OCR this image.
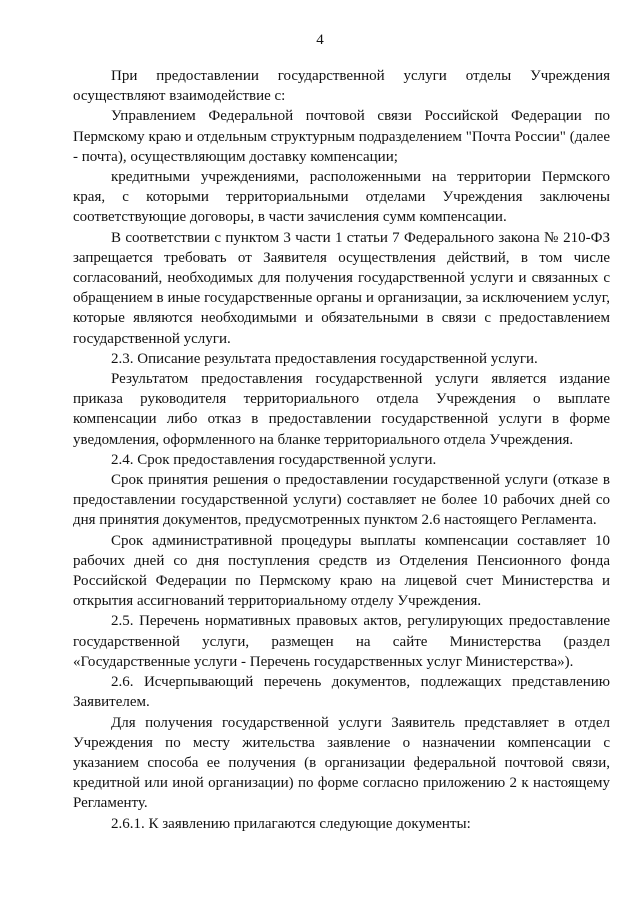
4

При предоставлении государственной услуги отделы Учреждения осуществляют взаимодействие с:

Управлением Федеральной почтовой связи Российской Федерации по Пермскому краю и отдельным структурным подразделением "Почта России" (далее - почта), осуществляющим доставку компенсации;

кредитными учреждениями, расположенными на территории Пермского края, с которыми территориальными отделами Учреждения заключены соответствующие договоры, в части зачисления сумм компенсации.

В соответствии с пунктом 3 части 1 статьи 7 Федерального закона № 210-ФЗ запрещается требовать от Заявителя осуществления действий, в том числе согласований, необходимых для получения государственной услуги и связанных с обращением в иные государственные органы и организации, за исключением услуг, которые являются необходимыми и обязательными в связи с предоставлением государственной услуги.

2.3. Описание результата предоставления государственной услуги.

Результатом предоставления государственной услуги является издание приказа руководителя территориального отдела Учреждения о выплате компенсации либо отказ в предоставлении государственной услуги в форме уведомления, оформленного на бланке территориального отдела Учреждения.

2.4. Срок предоставления государственной услуги.

Срок принятия решения о предоставлении государственной услуги (отказе в предоставлении государственной услуги) составляет не более 10 рабочих дней со дня принятия документов, предусмотренных пунктом 2.6 настоящего Регламента.

Срок административной процедуры выплаты компенсации составляет 10 рабочих дней со дня поступления средств из Отделения Пенсионного фонда Российской Федерации по Пермскому краю на лицевой счет Министерства и открытия ассигнований территориальному отделу Учреждения.

2.5. Перечень нормативных правовых актов, регулирующих предоставление государственной услуги, размещен на сайте Министерства (раздел «Государственные услуги - Перечень государственных услуг Министерства»).

2.6. Исчерпывающий перечень документов, подлежащих представлению Заявителем.

Для получения государственной услуги Заявитель представляет в отдел Учреждения по месту жительства заявление о назначении компенсации с указанием способа ее получения (в организации федеральной почтовой связи, кредитной или иной организации) по форме согласно приложению 2 к настоящему Регламенту.

2.6.1. К заявлению прилагаются следующие документы:
